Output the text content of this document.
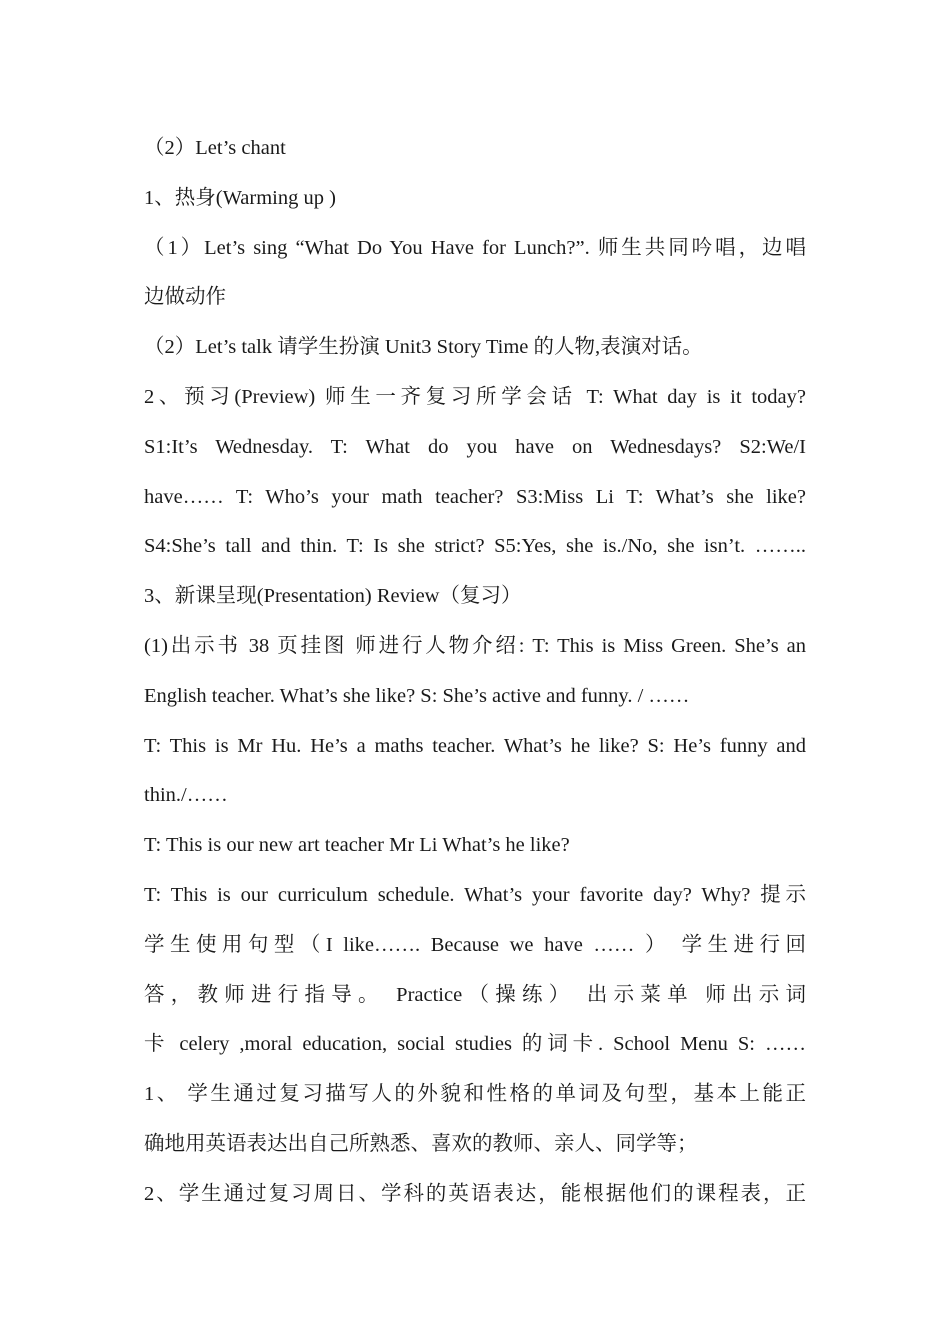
（2）Let’s chant
1、热身(Warming up )
（1）Let’s sing “What Do You Have for Lunch?”. 师生共同吟唱，边唱
边做动作
（2）Let’s talk 请学生扮演 Unit3 Story Time 的人物,表演对话。
2、预习(Preview) 师生一齐复习所学会话 T: What day is it today?
S1:It’s Wednesday. T: What do you have on Wednesdays? S2:We/I
have…… T: Who’s your math teacher? S3:Miss Li T: What’s she like?
S4:She’s tall and thin. T: Is she strict? S5:Yes, she is./No, she isn’t. ……..
3、新课呈现(Presentation) Review（复习）
(1)出示书 38 页挂图 师进行人物介绍: T: This is Miss Green. She’s an
English teacher. What’s she like? S: She’s active and funny. / ……
T: This is Mr Hu. He’s a maths teacher. What’s he like? S: He’s funny and
thin./……
T: This is our new art teacher Mr Li What’s he like?
T: This is our curriculum schedule. What’s your favorite day? Why? 提示
学生使用句型（I like……. Because we have …… ） 学生进行回
答，教师进行指导。 Practice（操练） 出示菜单 师出示词
卡 celery ,moral education, social studies 的词卡. School Menu S: ……
1、 学生通过复习描写人的外貌和性格的单词及句型，基本上能正
确地用英语表达出自己所熟悉、喜欢的教师、亲人、同学等；
2、学生通过复习周日、学科的英语表达，能根据他们的课程表，正
